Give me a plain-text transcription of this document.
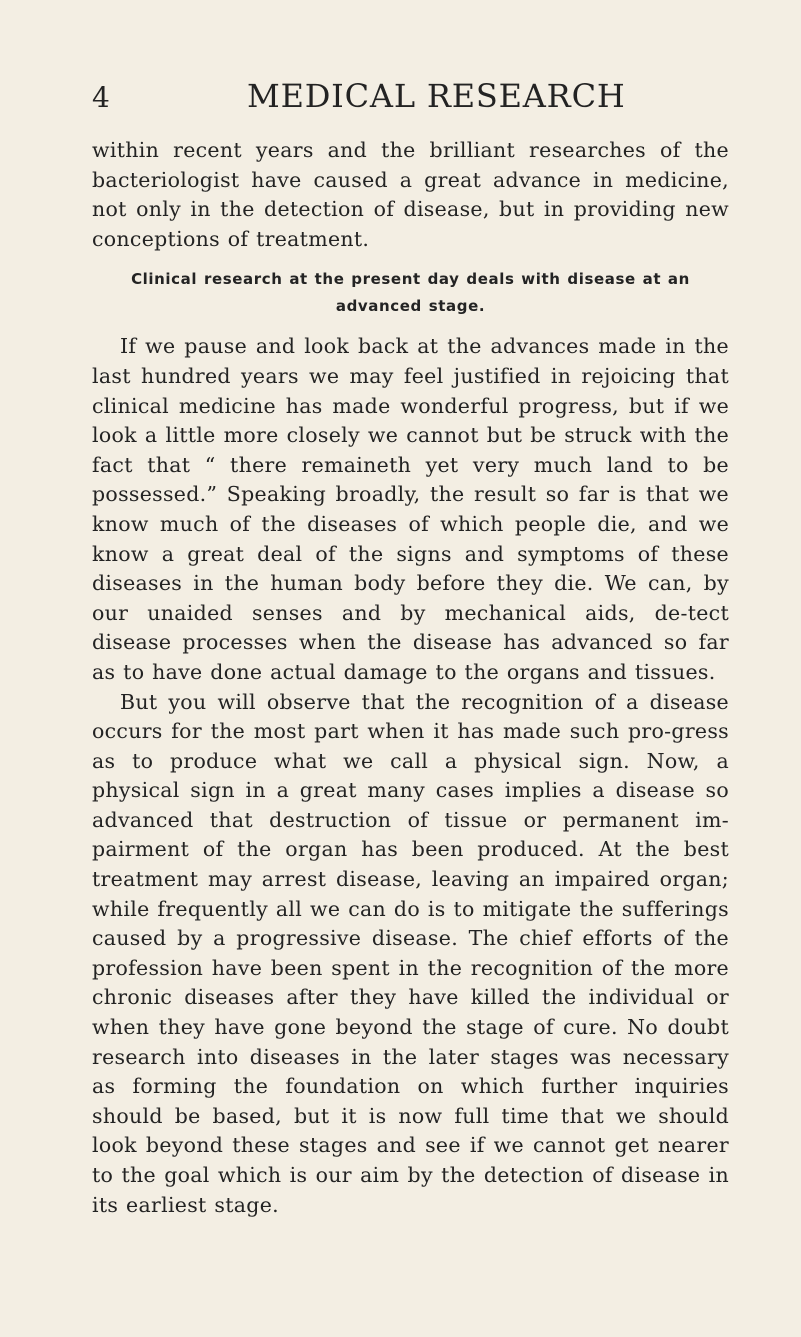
4	MEDICAL RESEARCH

within recent years and the brilliant researches of the bacteriologist have caused a great advance in medicine, not only in the detection of disease, but in providing new conceptions of treatment.

Clinical research at the present day deals with disease at an advanced stage.

If we pause and look back at the advances made in the last hundred years we may feel justified in rejoicing that clinical medicine has made wonderful progress, but if we look a little more closely we cannot but be struck with the fact that “ there remaineth yet very much land to be possessed.” Speaking broadly, the result so far is that we know much of the diseases of which people die, and we know a great deal of the signs and symptoms of these diseases in the human body before they die. We can, by our unaided senses and by mechanical aids, de-tect disease processes when the disease has advanced so far as to have done actual damage to the organs and tissues.

But you will observe that the recognition of a disease occurs for the most part when it has made such pro-gress as to produce what we call a physical sign. Now, a physical sign in a great many cases implies a disease so advanced that destruction of tissue or permanent im-pairment of the organ has been produced. At the best treatment may arrest disease, leaving an impaired organ; while frequently all we can do is to mitigate the sufferings caused by a progressive disease. The chief efforts of the profession have been spent in the recognition of the more chronic diseases after they have killed the individual or when they have gone beyond the stage of cure. No doubt research into diseases in the later stages was necessary as forming the foundation on which further inquiries should be based, but it is now full time that we should look beyond these stages and see if we cannot get nearer to the goal which is our aim by the detection of disease in its earliest stage.
